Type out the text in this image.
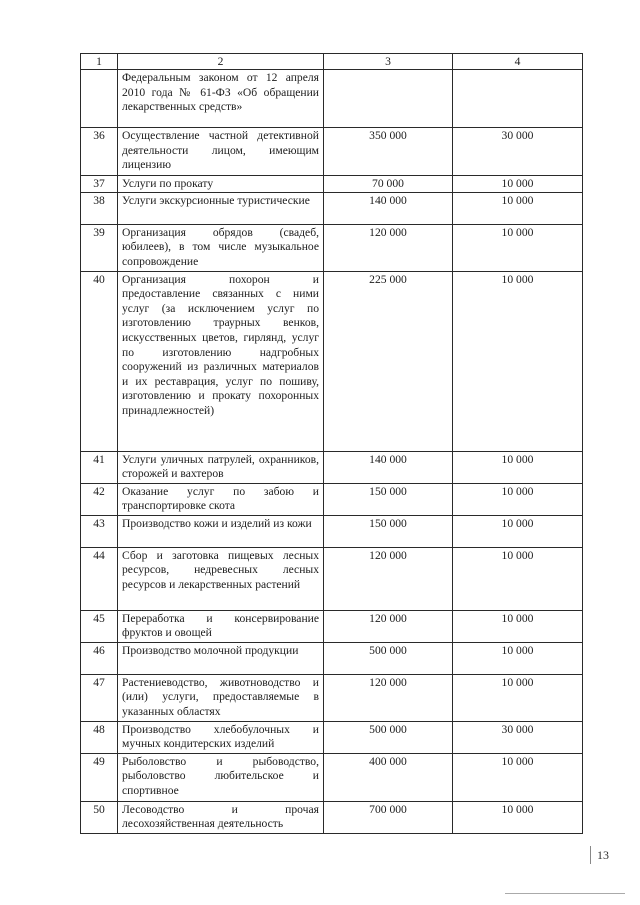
1	2	3	4
	Федеральным законом от 12 апреля 2010 года № 61-ФЗ «Об обращении лекарственных средств»		
36	Осуществление частной детективной деятельности лицом, имеющим лицензию	350 000	30 000
37	Услуги по прокату	70 000	10 000
38	Услуги экскурсионные туристические	140 000	10 000
39	Организация обрядов (свадеб, юбилеев), в том числе музыкальное сопровождение	120 000	10 000
40	Организация похорон и предоставление связанных с ними услуг (за исключением услуг по изготовлению траурных венков, искусственных цветов, гирлянд, услуг по изготовлению надгробных сооружений из различных материалов и их реставрация, услуг по пошиву, изготовлению и прокату похоронных принадлежностей)	225 000	10 000
41	Услуги уличных патрулей, охранников, сторожей и вахтеров	140 000	10 000
42	Оказание услуг по забою и транспортировке скота	150 000	10 000
43	Производство кожи и изделий из кожи	150 000	10 000
44	Сбор и заготовка пищевых лесных ресурсов, недревесных лесных ресурсов и лекарственных растений	120 000	10 000
45	Переработка и консервирование фруктов и овощей	120 000	10 000
46	Производство молочной продукции	500 000	10 000
47	Растениеводство, животноводство и (или) услуги, предоставляемые в указанных областях	120 000	10 000
48	Производство хлебобулочных и мучных кондитерских изделий	500 000	30 000
49	Рыболовство и рыбоводство, рыболовство любительское и спортивное	400 000	10 000
50	Лесоводство и прочая лесохозяйственная деятельность	700 000	10 000
13
